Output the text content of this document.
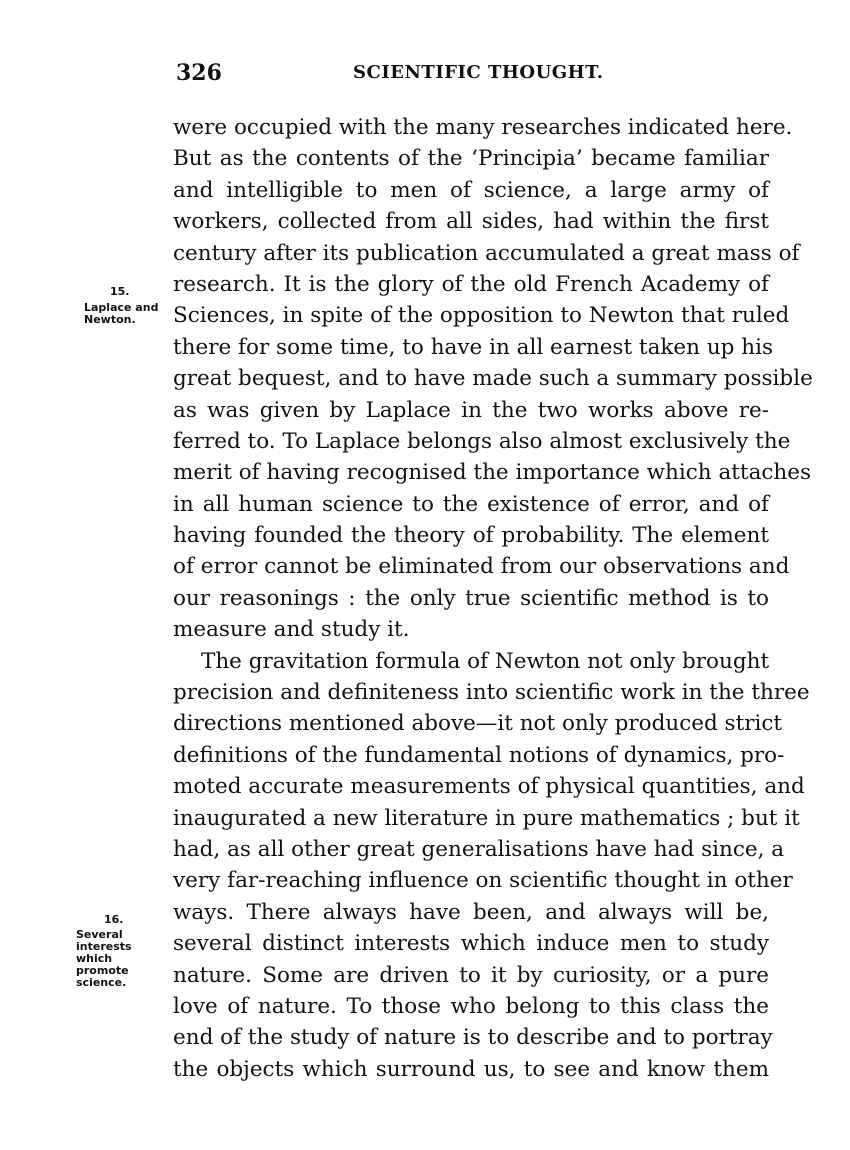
326	SCIENTIFIC THOUGHT.
15.
Laplace and
Newton.
16.
Several
interests
which
promote
science.
were occupied with the many researches indicated here.
But as the contents of the ‘Principia’ became familiar
and intelligible to men of science, a large army of
workers, collected from all sides, had within the first
century after its publication accumulated a great mass of
research. It is the glory of the old French Academy of
Sciences, in spite of the opposition to Newton that ruled
there for some time, to have in all earnest taken up his
great bequest, and to have made such a summary possible
as was given by Laplace in the two works above re-
ferred to. To Laplace belongs also almost exclusively the
merit of having recognised the importance which attaches
in all human science to the existence of error, and of
having founded the theory of probability. The element
of error cannot be eliminated from our observations and
our reasonings : the only true scientific method is to
measure and study it.
The gravitation formula of Newton not only brought
precision and definiteness into scientific work in the three
directions mentioned above—it not only produced strict
definitions of the fundamental notions of dynamics, pro-
moted accurate measurements of physical quantities, and
inaugurated a new literature in pure mathematics ; but it
had, as all other great generalisations have had since, a
very far-reaching influence on scientific thought in other
ways. There always have been, and always will be,
several distinct interests which induce men to study
nature. Some are driven to it by curiosity, or a pure
love of nature. To those who belong to this class the
end of the study of nature is to describe and to portray
the objects which surround us, to see and know them
